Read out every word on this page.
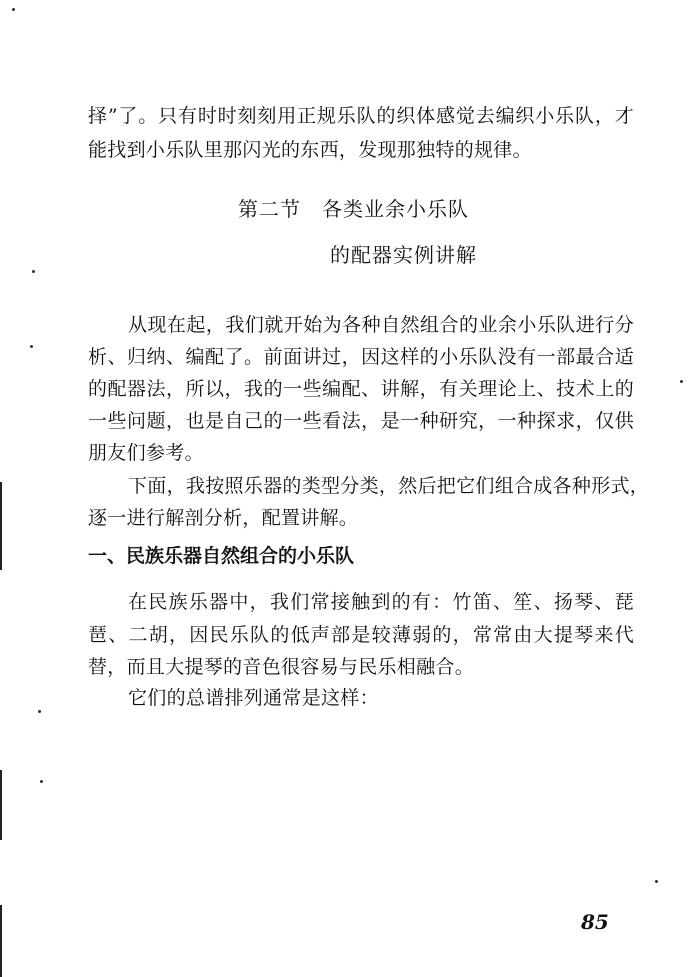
择”了。只有时时刻刻用正规乐队的织体感觉去编织小乐队，才
能找到小乐队里那闪光的东西，发现那独特的规律。
第二节　各类业余小乐队
的配器实例讲解
从现在起，我们就开始为各种自然组合的业余小乐队进行分
析、归纳、编配了。前面讲过，因这样的小乐队没有一部最合适
的配器法，所以，我的一些编配、讲解，有关理论上、技术上的
一些问题，也是自己的一些看法，是一种研究，一种探求，仅供
朋友们参考。
下面，我按照乐器的类型分类，然后把它们组合成各种形式，
逐一进行解剖分析，配置讲解。
一、民族乐器自然组合的小乐队
在民族乐器中，我们常接触到的有：竹笛、笙、扬琴、琵
琶、二胡，因民乐队的低声部是较薄弱的，常常由大提琴来代
替，而且大提琴的音色很容易与民乐相融合。
它们的总谱排列通常是这样：
85
